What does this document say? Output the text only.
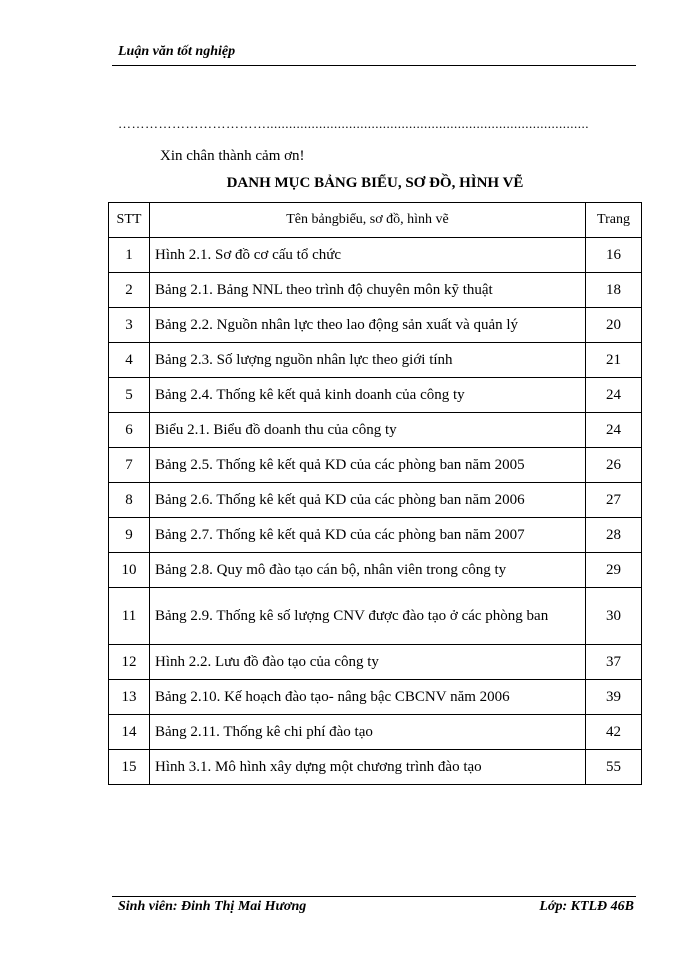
Luận văn tốt nghiệp
……………………………......................................................................................
Xin chân thành cảm ơn!
DANH MỤC BẢNG BIỂU, SƠ ĐỒ, HÌNH VẼ
STT	Tên bảngbiểu, sơ đồ, hình vẽ	Trang
1	Hình 2.1. Sơ đồ cơ cấu tổ chức	16
2	Bảng 2.1. Bảng NNL theo trình độ chuyên môn kỹ thuật	18
3	Bảng 2.2. Nguồn nhân lực theo lao động sản xuất và quản lý	20
4	Bảng 2.3. Số lượng nguồn nhân lực theo giới tính	21
5	Bảng 2.4. Thống kê kết quả kinh doanh của công ty	24
6	Biểu 2.1. Biểu đồ doanh thu của công ty	24
7	Bảng 2.5. Thống kê kết quả KD của các phòng ban năm 2005	26
8	Bảng 2.6. Thống kê kết quả KD của các phòng ban năm 2006	27
9	Bảng 2.7. Thống kê kết quả KD của các phòng ban năm 2007	28
10	Bảng 2.8. Quy mô đào tạo cán bộ, nhân viên trong công ty	29
11	Bảng 2.9. Thống kê số lượng CNV được đào tạo ở các phòng ban	30
12	Hình 2.2. Lưu đồ đào tạo của công ty	37
13	Bảng 2.10. Kế hoạch đào tạo- nâng bậc CBCNV năm 2006	39
14	Bảng 2.11. Thống kê chi phí đào tạo	42
15	Hình 3.1. Mô hình xây dựng một chương trình đào tạo	55
Sinh viên: Đinh Thị Mai Hương	Lớp: KTLĐ 46B
